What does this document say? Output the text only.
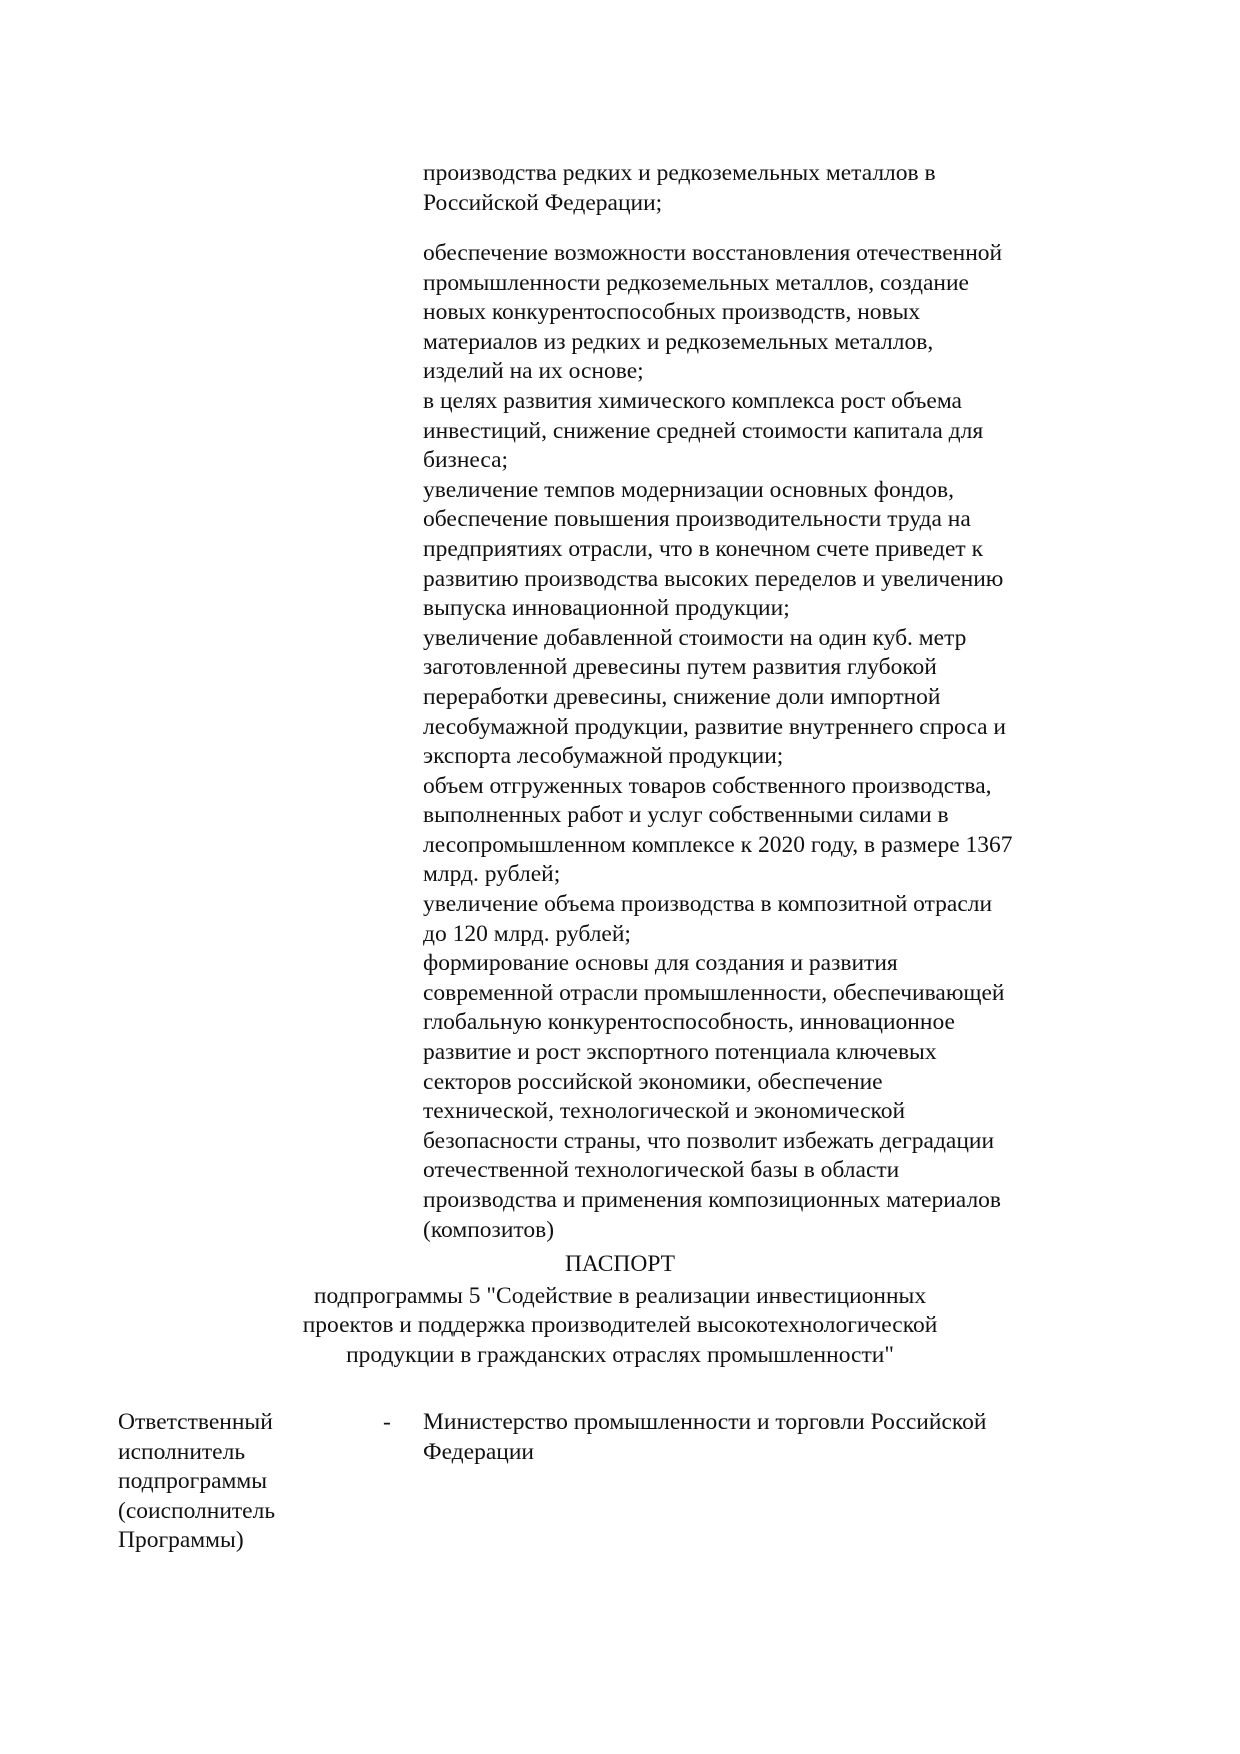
производства редких и редкоземельных металлов в
Российской Федерации;
обеспечение возможности восстановления отечественной
промышленности редкоземельных металлов, создание
новых конкурентоспособных производств, новых
материалов из редких и редкоземельных металлов,
изделий на их основе;
в целях развития химического комплекса рост объема
инвестиций, снижение средней стоимости капитала для
бизнеса;
увеличение темпов модернизации основных фондов,
обеспечение повышения производительности труда на
предприятиях отрасли, что в конечном счете приведет к
развитию производства высоких переделов и увеличению
выпуска инновационной продукции;
увеличение добавленной стоимости на один куб. метр
заготовленной древесины путем развития глубокой
переработки древесины, снижение доли импортной
лесобумажной продукции, развитие внутреннего спроса и
экспорта лесобумажной продукции;
объем отгруженных товаров собственного производства,
выполненных работ и услуг собственными силами в
лесопромышленном комплексе к 2020 году, в размере 1367
млрд. рублей;
увеличение объема производства в композитной отрасли
до 120 млрд. рублей;
формирование основы для создания и развития
современной отрасли промышленности, обеспечивающей
глобальную конкурентоспособность, инновационное
развитие и рост экспортного потенциала ключевых
секторов российской экономики, обеспечение
технической, технологической и экономической
безопасности страны, что позволит избежать деградации
отечественной технологической базы в области
производства и применения композиционных материалов
(композитов)
ПАСПОРТ
подпрограммы 5 "Содействие в реализации инвестиционных
проектов и поддержка производителей высокотехнологической
продукции в гражданских отраслях промышленности"
Ответственный
исполнитель
подпрограммы
(соисполнитель
Программы)
- Министерство промышленности и торговли Российской
Федерации
